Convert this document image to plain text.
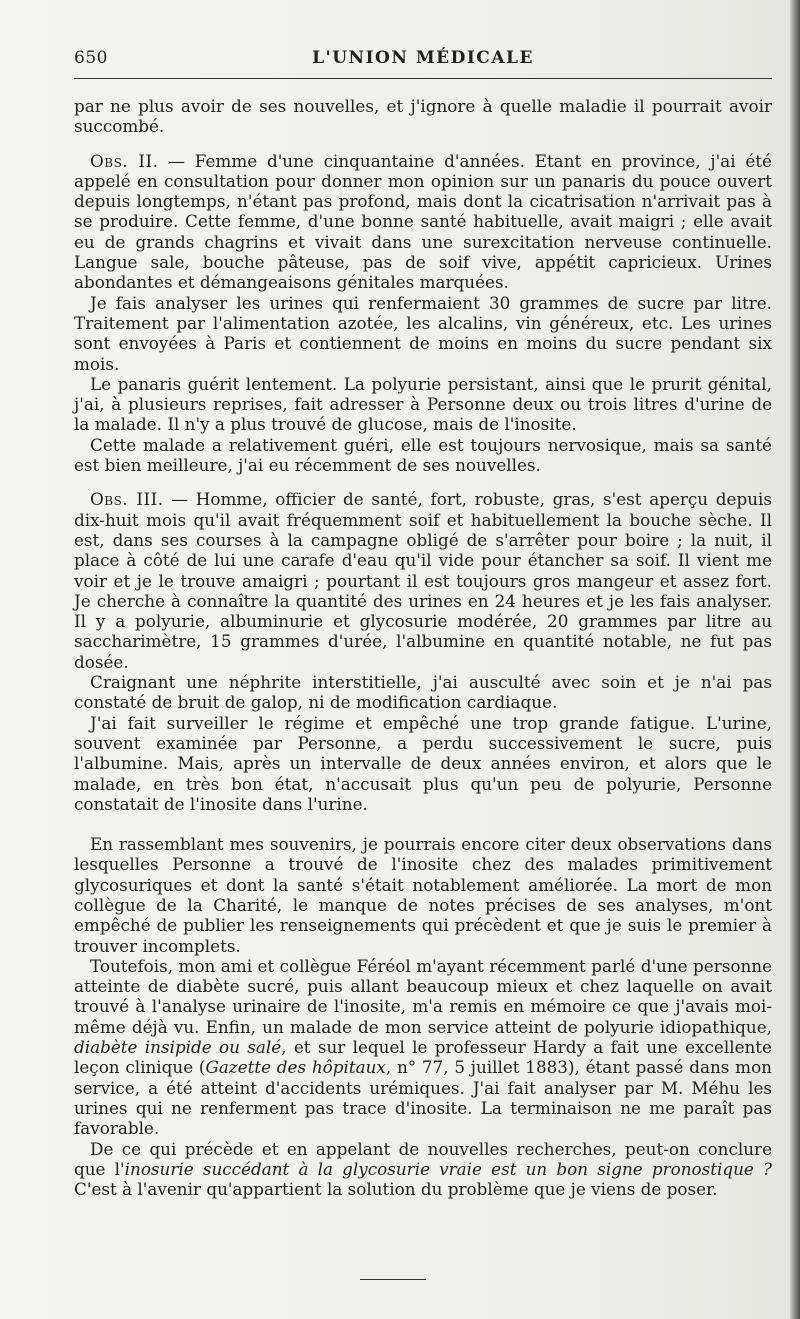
650	L'UNION MÉDICALE

par ne plus avoir de ses nouvelles, et j'ignore à quelle maladie il pourrait avoir succombé.

Obs. II. — Femme d'une cinquantaine d'années. Etant en province, j'ai été appelé en consultation pour donner mon opinion sur un panaris du pouce ouvert depuis longtemps, n'étant pas profond, mais dont la cicatrisation n'arrivait pas à se produire. Cette femme, d'une bonne santé habituelle, avait maigri ; elle avait eu de grands chagrins et vivait dans une surexcitation nerveuse continuelle. Langue sale, bouche pâteuse, pas de soif vive, appétit capricieux. Urines abondantes et démangeaisons génitales marquées.

Je fais analyser les urines qui renfermaient 30 grammes de sucre par litre. Traitement par l'alimentation azotée, les alcalins, vin généreux, etc. Les urines sont envoyées à Paris et contiennent de moins en moins du sucre pendant six mois.

Le panaris guérit lentement. La polyurie persistant, ainsi que le prurit génital, j'ai, à plusieurs reprises, fait adresser à Personne deux ou trois litres d'urine de la malade. Il n'y a plus trouvé de glucose, mais de l'inosite.

Cette malade a relativement guéri, elle est toujours nervosique, mais sa santé est bien meilleure, j'ai eu récemment de ses nouvelles.

Obs. III. — Homme, officier de santé, fort, robuste, gras, s'est aperçu depuis dix-huit mois qu'il avait fréquemment soif et habituellement la bouche sèche. Il est, dans ses courses à la campagne obligé de s'arrêter pour boire ; la nuit, il place à côté de lui une carafe d'eau qu'il vide pour étancher sa soif. Il vient me voir et je le trouve amaigri ; pourtant il est toujours gros mangeur et assez fort. Je cherche à connaître la quantité des urines en 24 heures et je les fais analyser. Il y a polyurie, albuminurie et glycosurie modérée, 20 grammes par litre au saccharimètre, 15 grammes d'urée, l'albumine en quantité notable, ne fut pas dosée.

Craignant une néphrite interstitielle, j'ai ausculté avec soin et je n'ai pas constaté de bruit de galop, ni de modification cardiaque.

J'ai fait surveiller le régime et empêché une trop grande fatigue. L'urine, souvent examinée par Personne, a perdu successivement le sucre, puis l'albumine. Mais, après un intervalle de deux années environ, et alors que le malade, en très bon état, n'accusait plus qu'un peu de polyurie, Personne constatait de l'inosite dans l'urine.

En rassemblant mes souvenirs, je pourrais encore citer deux observations dans lesquelles Personne a trouvé de l'inosite chez des malades primitivement glycosuriques et dont la santé s'était notablement améliorée. La mort de mon collègue de la Charité, le manque de notes précises de ses analyses, m'ont empêché de publier les renseignements qui précèdent et que je suis le premier à trouver incomplets.

Toutefois, mon ami et collègue Féréol m'ayant récemment parlé d'une personne atteinte de diabète sucré, puis allant beaucoup mieux et chez laquelle on avait trouvé à l'analyse urinaire de l'inosite, m'a remis en mémoire ce que j'avais moi-même déjà vu. Enfin, un malade de mon service atteint de polyurie idiopathique, diabète insipide ou salé, et sur lequel le professeur Hardy a fait une excellente leçon clinique (Gazette des hôpitaux, n° 77, 5 juillet 1883), étant passé dans mon service, a été atteint d'accidents urémiques. J'ai fait analyser par M. Méhu les urines qui ne renferment pas trace d'inosite. La terminaison ne me paraît pas favorable.

De ce qui précède et en appelant de nouvelles recherches, peut-on conclure que l'inosurie succédant à la glycosurie vraie est un bon signe pronostique ? C'est à l'avenir qu'appartient la solution du problème que je viens de poser.
